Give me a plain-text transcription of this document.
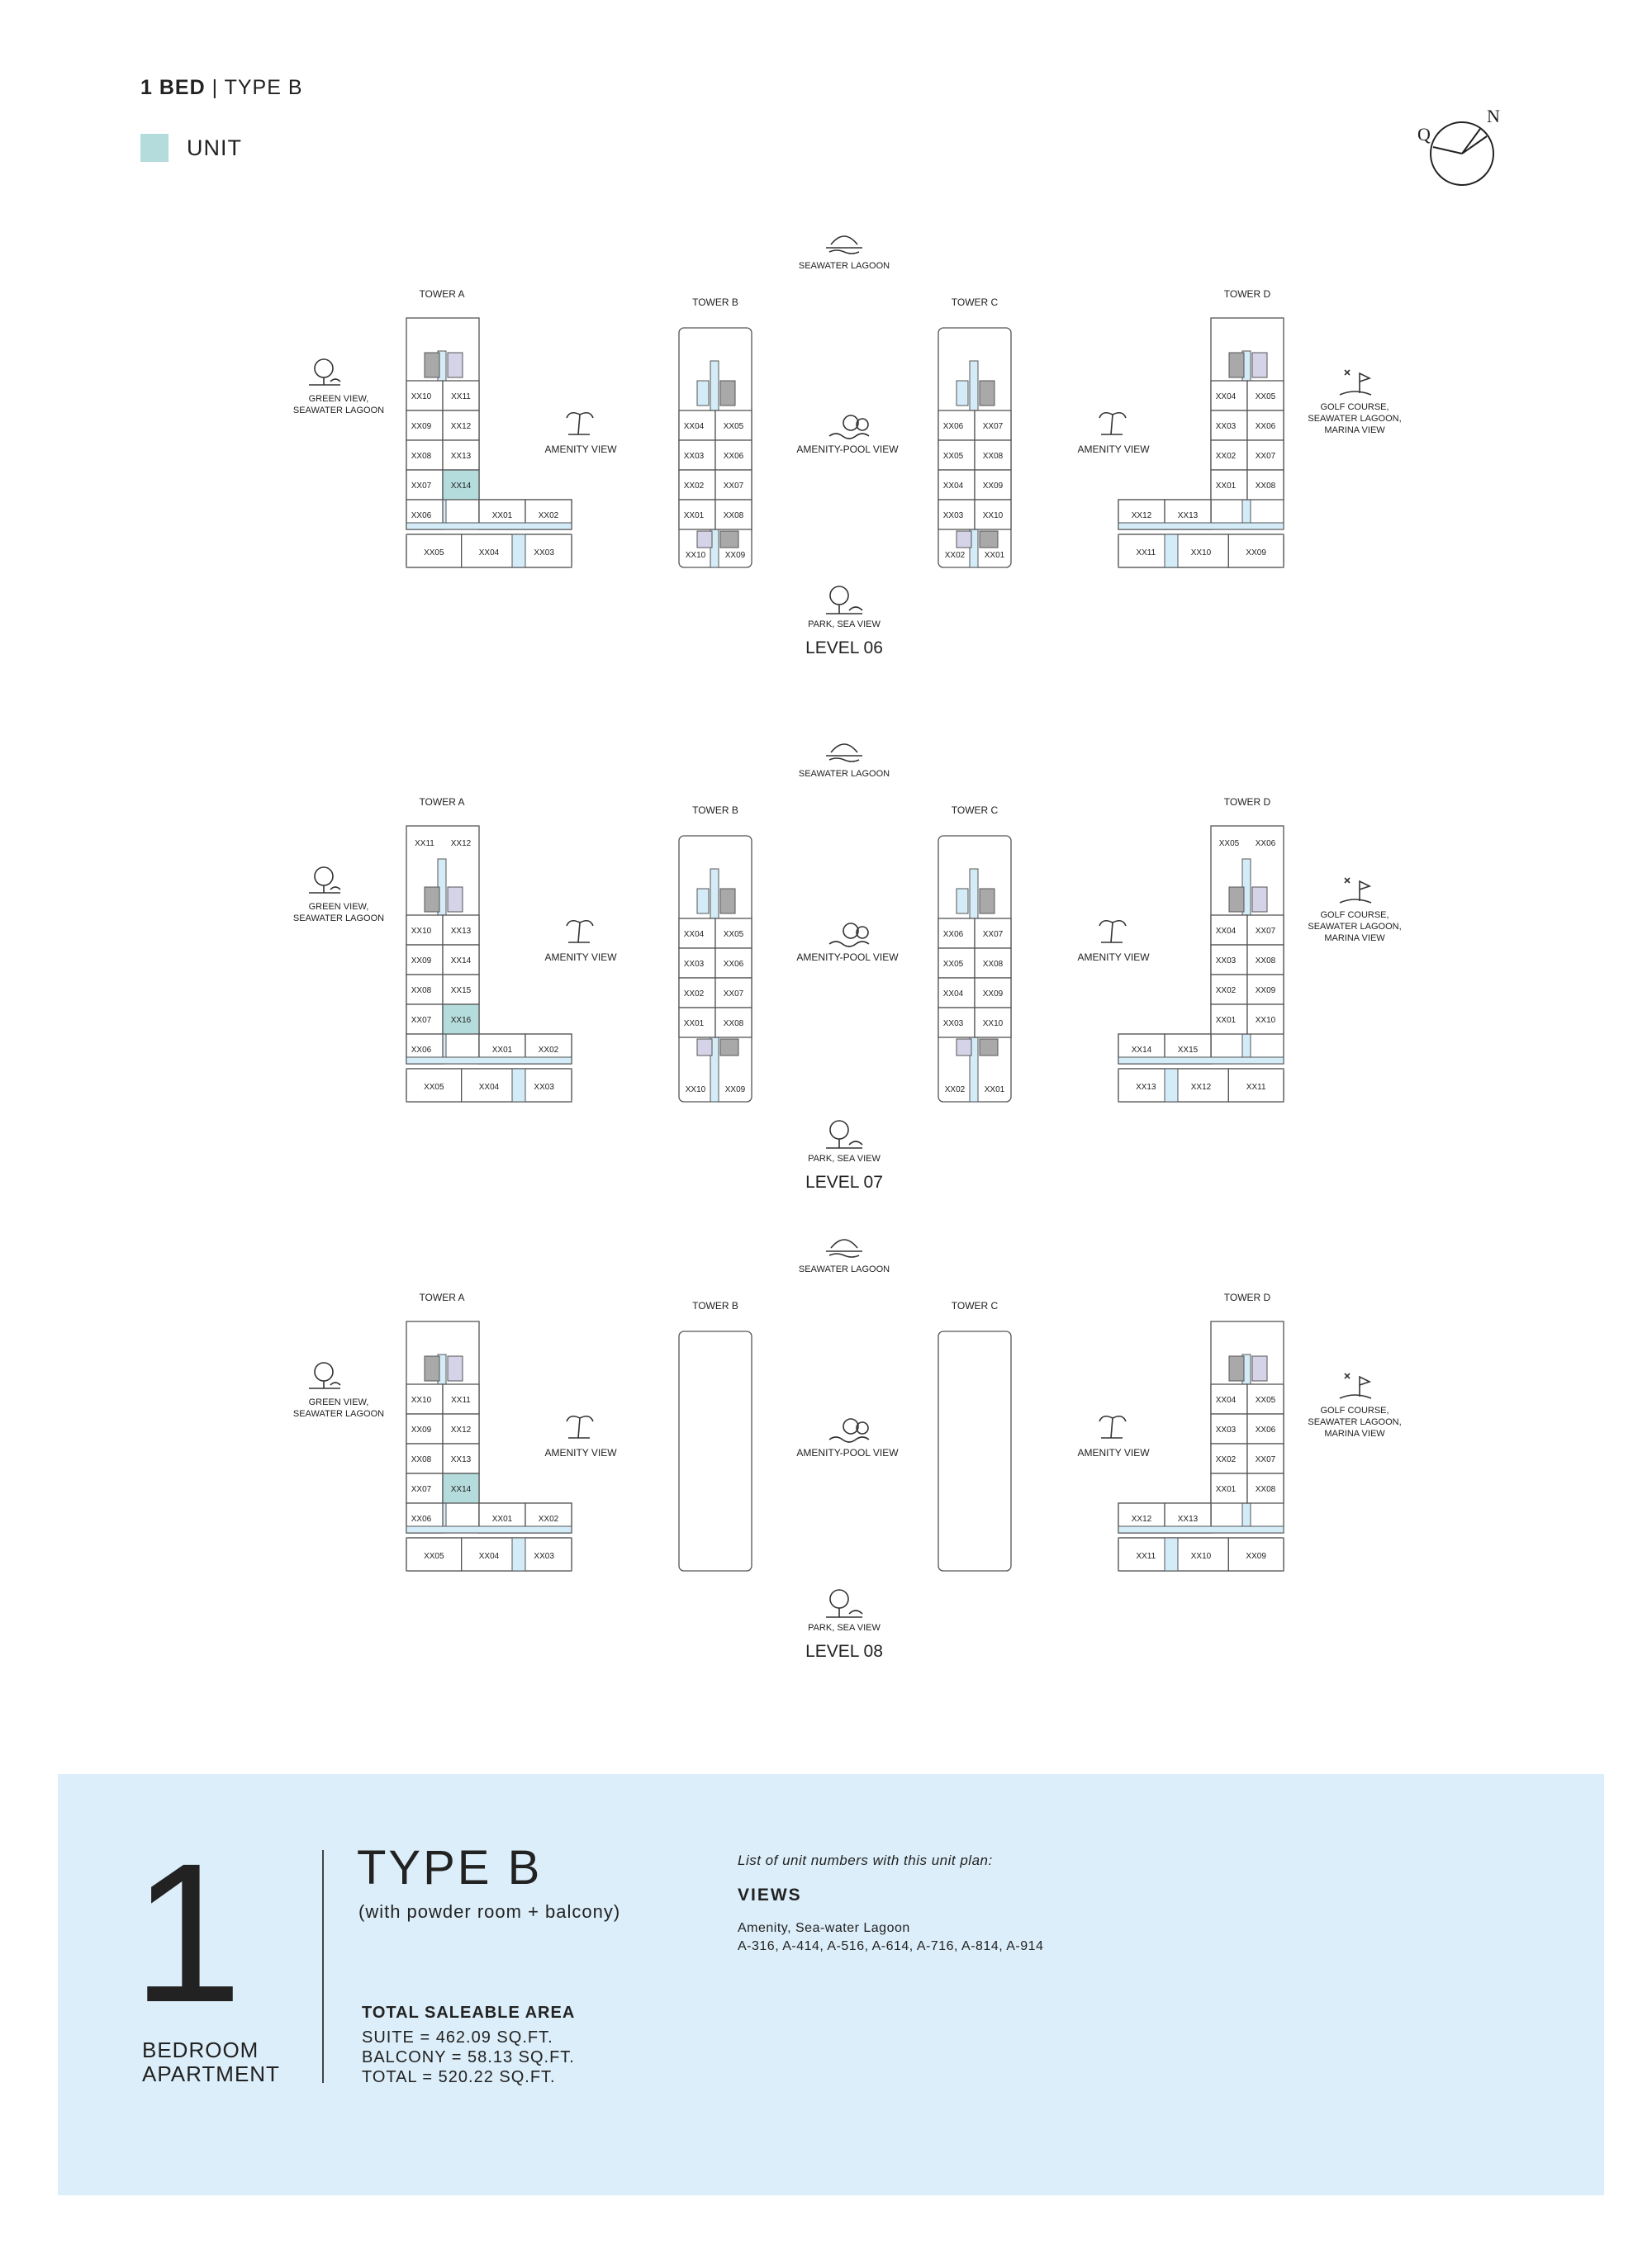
1 BED | TYPE B
UNIT
Q
N
SEAWATER LAGOON
TOWER A
TOWER B	TOWER C
TOWER D
GREEN VIEW,
SEAWATER LAGOON
AMENITY VIEW	AMENITY-POOL VIEW	AMENITY VIEW
GOLF COURSE,
SEAWATER LAGOON,
MARINA VIEW
XX10
XX09
XX08
XX07
XX06
XX11
XX12
XX13
XX14
XX01	XX02
XX05	XX04	XX03
XX04
XX03
XX02
XX01
XX05
XX06
XX07
XX08
XX12	XX13
XX11	XX10	XX09
XX04
XX03
XX02
XX01
XX05
XX06
XX07
XX08
XX10 XX09
XX06
XX05
XX04
XX03
XX07
XX08
XX09
XX10
XX02 XX01
PARK, SEA VIEW
LEVEL 06
SEAWATER LAGOON
TOWER A
TOWER B	TOWER C
TOWER D
GREEN VIEW,
SEAWATER LAGOON
AMENITY VIEW	AMENITY-POOL VIEW	AMENITY VIEW
GOLF COURSE,
SEAWATER LAGOON,
MARINA VIEW
XX11 XX12
XX10
XX09
XX08
XX07
XX06
XX13
XX14
XX15
XX16
XX01	XX02
XX05	XX04	XX03
XX05 XX06
XX04
XX03
XX02
XX01
XX07
XX08
XX09
XX10
XX14	XX15
XX13	XX12	XX11
XX04
XX03
XX02
XX01
XX05
XX06
XX07
XX08
XX10 XX09
XX06
XX05
XX04
XX03
XX07
XX08
XX09
XX10
XX02 XX01
PARK, SEA VIEW
LEVEL 07
SEAWATER LAGOON
TOWER A
TOWER B	TOWER C
TOWER D
GREEN VIEW,
SEAWATER LAGOON
AMENITY VIEW	AMENITY-POOL VIEW	AMENITY VIEW
GOLF COURSE,
SEAWATER LAGOON,
MARINA VIEW
XX10
XX09
XX08
XX07
XX06
XX11
XX12
XX13
XX14
XX01	XX02
XX05	XX04	XX03
XX04
XX03
XX02
XX01
XX05
XX06
XX07
XX08
XX12	XX13
XX11	XX10	XX09
PARK, SEA VIEW
LEVEL 08
1
BEDROOM
APARTMENT
TYPE B
(with powder room + balcony)
TOTAL SALEABLE AREA
SUITE = 462.09 SQ.FT.
BALCONY = 58.13 SQ.FT.
TOTAL = 520.22 SQ.FT.
List of unit numbers with this unit plan:
VIEWS
Amenity, Sea-water Lagoon
A-316, A-414, A-516, A-614, A-716, A-814, A-914
